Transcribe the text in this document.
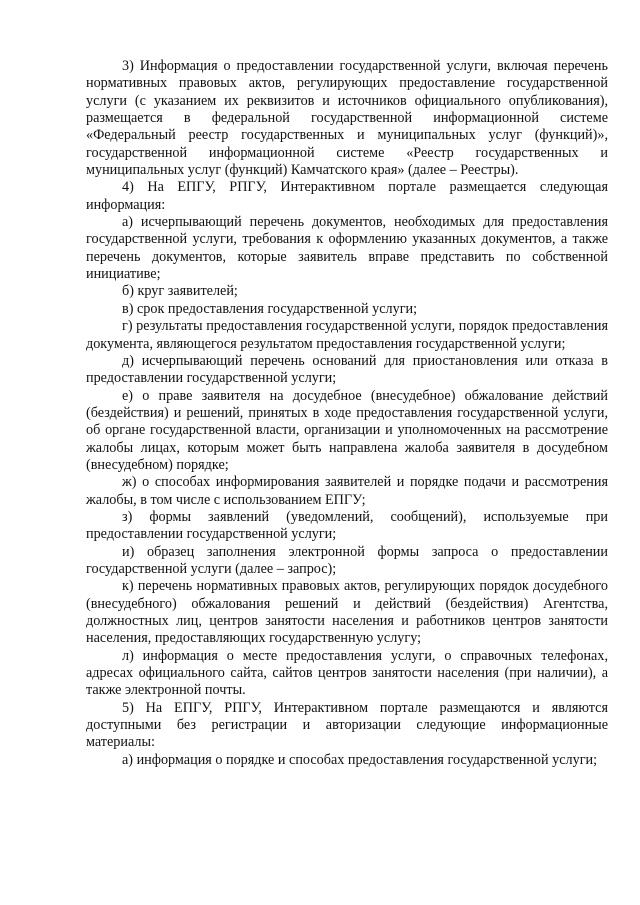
3) Информация о предоставлении государственной услуги, включая перечень нормативных правовых актов, регулирующих предоставление государственной услуги (с указанием их реквизитов и источников официального опубликования), размещается в федеральной государственной информационной системе «Федеральный реестр государственных и муниципальных услуг (функций)», государственной информационной системе «Реестр государственных и муниципальных услуг (функций) Камчатского края» (далее – Реестры).

4) На ЕПГУ, РПГУ, Интерактивном портале размещается следующая информация:

а) исчерпывающий перечень документов, необходимых для предоставления государственной услуги, требования к оформлению указанных документов, а также перечень документов, которые заявитель вправе представить по собственной инициативе;

б) круг заявителей;

в) срок предоставления государственной услуги;

г) результаты предоставления государственной услуги, порядок предоставления документа, являющегося результатом предоставления государственной услуги;

д) исчерпывающий перечень оснований для приостановления или отказа в предоставлении государственной услуги;

е) о праве заявителя на досудебное (внесудебное) обжалование действий (бездействия) и решений, принятых в ходе предоставления государственной услуги, об органе государственной власти, организации и уполномоченных на рассмотрение жалобы лицах, которым может быть направлена жалоба заявителя в досудебном (внесудебном) порядке;

ж) о способах информирования заявителей и порядке подачи и рассмотрения жалобы, в том числе с использованием ЕПГУ;

з) формы заявлений (уведомлений, сообщений), используемые при предоставлении государственной услуги;

и) образец заполнения электронной формы запроса о предоставлении государственной услуги (далее – запрос);

к) перечень нормативных правовых актов, регулирующих порядок досудебного (внесудебного) обжалования решений и действий (бездействия) Агентства, должностных лиц, центров занятости населения и работников центров занятости населения, предоставляющих государственную услугу;

л) информация о месте предоставления услуги, о справочных телефонах, адресах официального сайта, сайтов центров занятости населения (при наличии), а также электронной почты.

5) На ЕПГУ, РПГУ, Интерактивном портале размещаются и являются доступными без регистрации и авторизации следующие информационные материалы:

а) информация о порядке и способах предоставления государственной услуги;
